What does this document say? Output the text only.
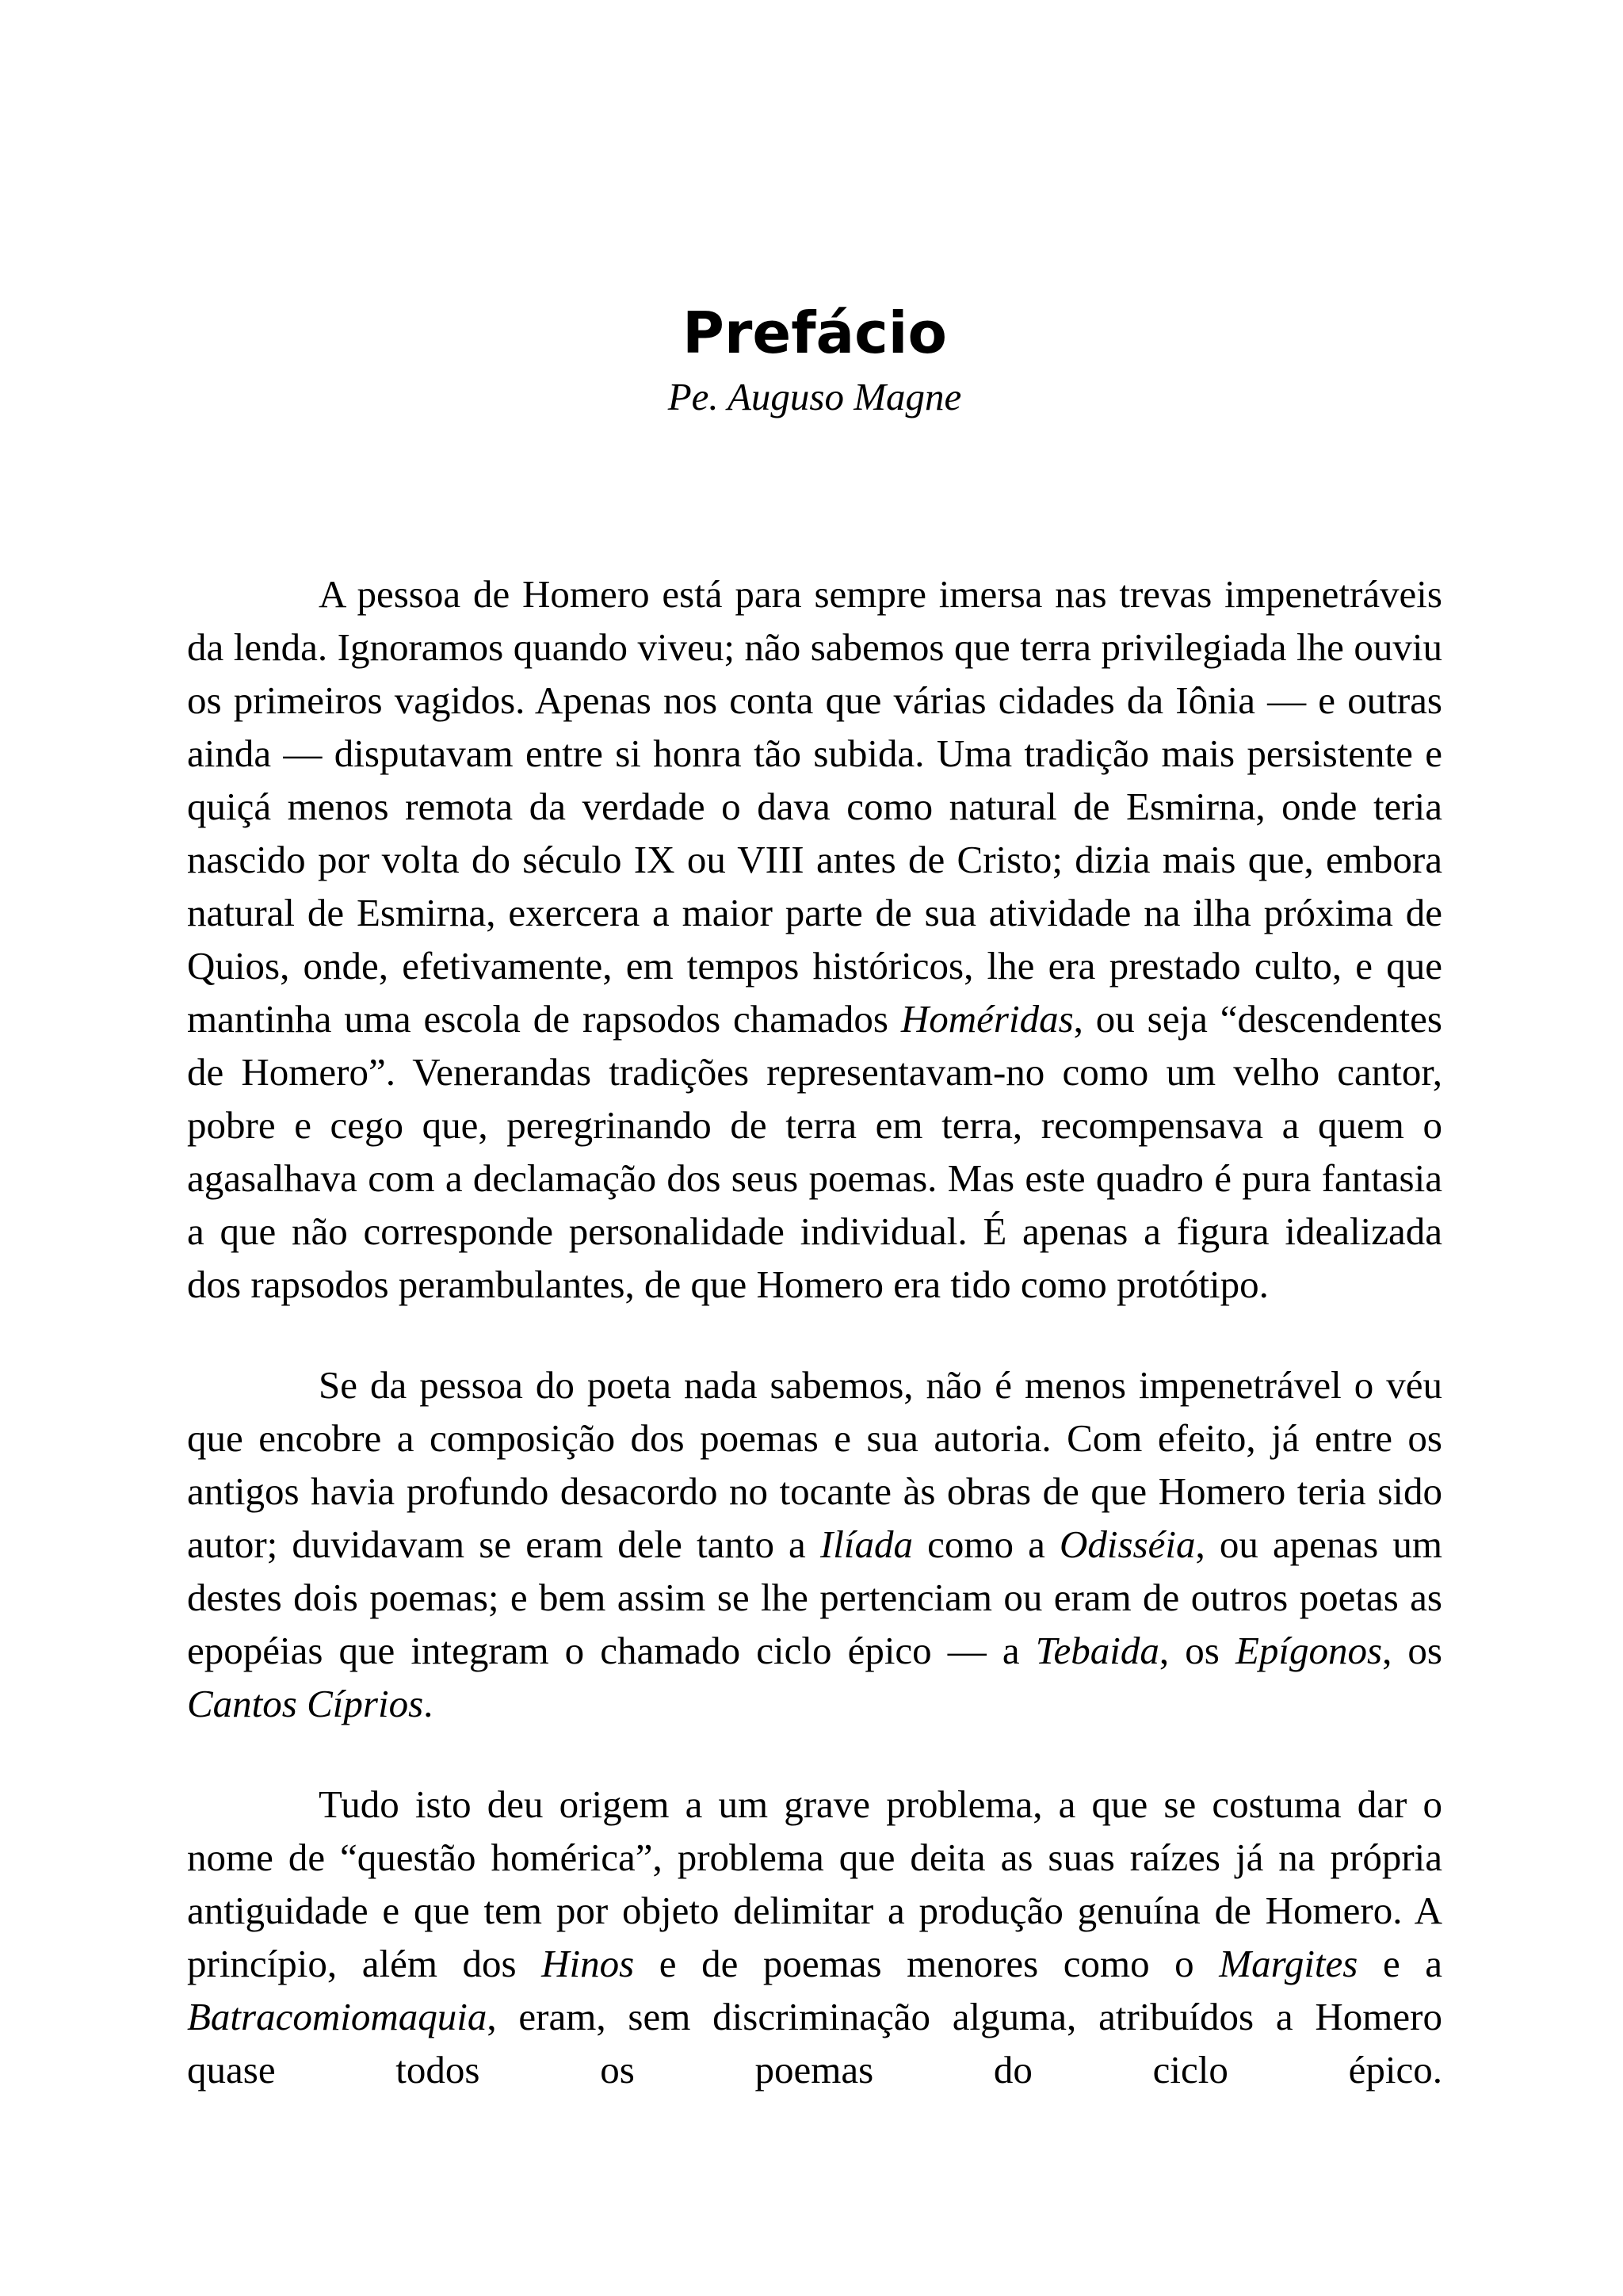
Prefácio
Pe. Auguso Magne

A pessoa de Homero está para sempre imersa nas trevas impenetráveis da lenda. Ignoramos quando viveu; não sabemos que terra privilegiada lhe ouviu os primeiros vagidos. Apenas nos conta que várias cidades da Iônia — e outras ainda — disputavam entre si honra tão subida. Uma tradição mais persistente e quiçá menos remota da verdade o dava como natural de Esmirna, onde teria nascido por volta do século IX ou VIII antes de Cristo; dizia mais que, embora natural de Esmirna, exercera a maior parte de sua atividade na ilha próxima de Quios, onde, efetivamente, em tempos históricos, lhe era prestado culto, e que mantinha uma escola de rapsodos chamados Homéridas, ou seja “descendentes de Homero”. Venerandas tradições representavam-no como um velho cantor, pobre e cego que, peregrinando de terra em terra, recompensava a quem o agasalhava com a declamação dos seus poemas. Mas este quadro é pura fantasia a que não corresponde personalidade individual. É apenas a figura idealizada dos rapsodos perambulantes, de que Homero era tido como protótipo.

Se da pessoa do poeta nada sabemos, não é menos impenetrável o véu que encobre a composição dos poemas e sua autoria. Com efeito, já entre os antigos havia profundo desacordo no tocante às obras de que Homero teria sido autor; duvidavam se eram dele tanto a Ilíada como a Odisséia, ou apenas um destes dois poemas; e bem assim se lhe pertenciam ou eram de outros poetas as epopéias que integram o chamado ciclo épico — a Tebaida, os Epígonos, os Cantos Cíprios.

Tudo isto deu origem a um grave problema, a que se costuma dar o nome de “questão homérica”, problema que deita as suas raízes já na própria antiguidade e que tem por objeto delimitar a produção genuína de Homero. A princípio, além dos Hinos e de poemas menores como o Margites e a Batracomiomaquia, eram, sem discriminação alguma, atribuídos a Homero quase todos os poemas do ciclo épico.
